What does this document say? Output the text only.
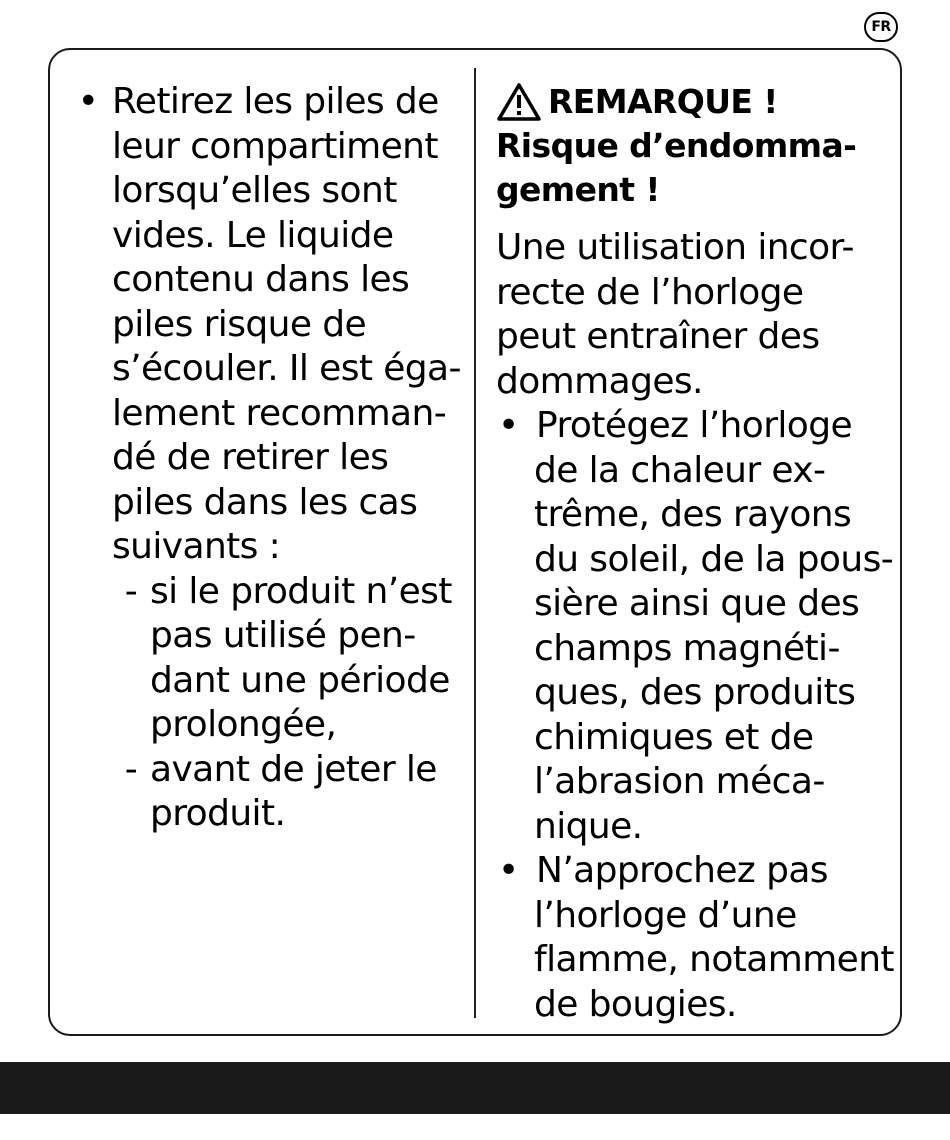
FR
• Retirez les piles de
leur compartiment
lorsqu’elles sont
vides. Le liquide
contenu dans les
piles risque de
s’écouler. Il est éga-
lement recomman-
dé de retirer les
piles dans les cas
suivants :
- si le produit n’est
pas utilisé pen-
dant une période
prolongée,
- avant de jeter le
produit.
REMARQUE !
Risque d’endomma-
gement !
Une utilisation incor-
recte de l’horloge
peut entraîner des
dommages.
• Protégez l’horloge
de la chaleur ex-
trême, des rayons
du soleil, de la pous-
sière ainsi que des
champs magnéti-
ques, des produits
chimiques et de
l’abrasion méca-
nique.
• N’approchez pas
l’horloge d’une
flamme, notamment
de bougies.
